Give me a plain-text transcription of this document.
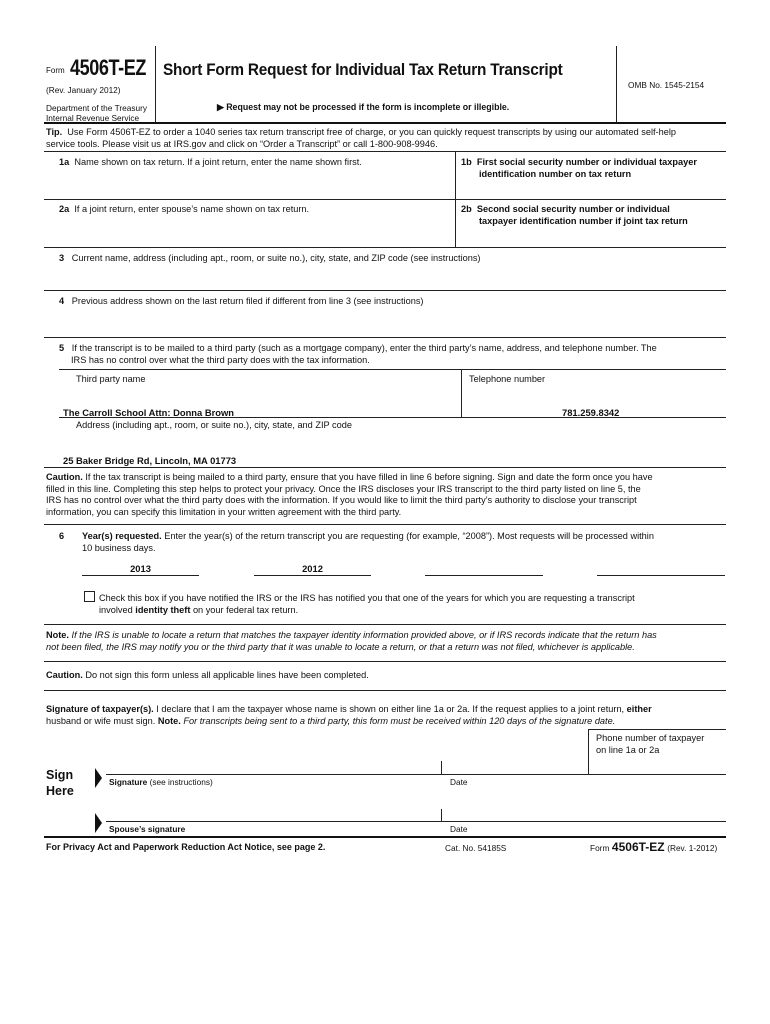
Form 4506T-EZ
(Rev. January 2012)
Department of the Treasury
Internal Revenue Service
Short Form Request for Individual Tax Return Transcript
▶ Request may not be processed if the form is incomplete or illegible.
OMB No. 1545-2154
Tip. Use Form 4506T-EZ to order a 1040 series tax return transcript free of charge, or you can quickly request transcripts by using our automated self-help
service tools. Please visit us at IRS.gov and click on “Order a Transcript” or call 1-800-908-9946.
1a Name shown on tax return. If a joint return, enter the name shown first.	1b First social security number or individual taxpayer
identification number on tax return
2a If a joint return, enter spouse’s name shown on tax return.	2b Second social security number or individual
taxpayer identification number if joint tax return
3 Current name, address (including apt., room, or suite no.), city, state, and ZIP code (see instructions)
4 Previous address shown on the last return filed if different from line 3 (see instructions)
5 If the transcript is to be mailed to a third party (such as a mortgage company), enter the third party’s name, address, and telephone number. The
IRS has no control over what the third party does with the tax information.
Third party name	Telephone number
The Carroll School Attn: Donna Brown	781.259.8342
Address (including apt., room, or suite no.), city, state, and ZIP code
25 Baker Bridge Rd, Lincoln, MA 01773
Caution. If the tax transcript is being mailed to a third party, ensure that you have filled in line 6 before signing. Sign and date the form once you have
filled in this line. Completing this step helps to protect your privacy. Once the IRS discloses your IRS transcript to the third party listed on line 5, the
IRS has no control over what the third party does with the information. If you would like to limit the third party’s authority to disclose your transcript
information, you can specify this limitation in your written agreement with the third party.
6 Year(s) requested. Enter the year(s) of the return transcript you are requesting (for example, “2008”). Most requests will be processed within
10 business days.
2013	2012
Check this box if you have notified the IRS or the IRS has notified you that one of the years for which you are requesting a transcript
involved identity theft on your federal tax return.
Note. If the IRS is unable to locate a return that matches the taxpayer identity information provided above, or if IRS records indicate that the return has
not been filed, the IRS may notify you or the third party that it was unable to locate a return, or that a return was not filed, whichever is applicable.
Caution. Do not sign this form unless all applicable lines have been completed.
Signature of taxpayer(s). I declare that I am the taxpayer whose name is shown on either line 1a or 2a. If the request applies to a joint return, either
husband or wife must sign. Note. For transcripts being sent to a third party, this form must be received within 120 days of the signature date.
Phone number of taxpayer
on line 1a or 2a
Sign
Here
Signature (see instructions)	Date
Spouse’s signature	Date
For Privacy Act and Paperwork Reduction Act Notice, see page 2.	Cat. No. 54185S	Form 4506T-EZ (Rev. 1-2012)
